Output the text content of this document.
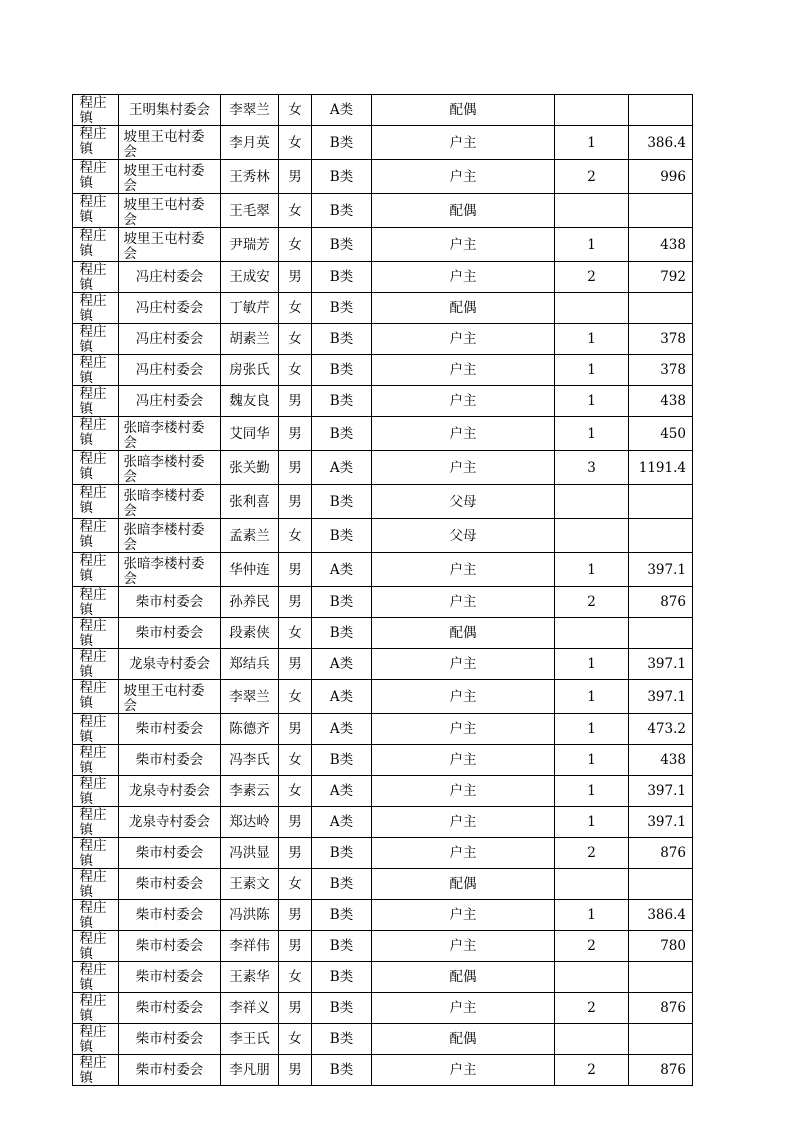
程庄镇	王明集村委会	李翠兰	女	A类	配偶		

程庄镇	坡里王屯村委会	李月英	女	B类	户主	1	386.4

程庄镇	坡里王屯村委会	王秀林	男	B类	户主	2	996

程庄镇	坡里王屯村委会	王毛翠	女	B类	配偶		

程庄镇	坡里王屯村委会	尹瑞芳	女	B类	户主	1	438

程庄镇	冯庄村委会	王成安	男	B类	户主	2	792

程庄镇	冯庄村委会	丁敏芹	女	B类	配偶		

程庄镇	冯庄村委会	胡素兰	女	B类	户主	1	378

程庄镇	冯庄村委会	房张氏	女	B类	户主	1	378

程庄镇	冯庄村委会	魏友良	男	B类	户主	1	438

程庄镇	张暗李楼村委会	艾同华	男	B类	户主	1	450

程庄镇	张暗李楼村委会	张关勤	男	A类	户主	3	1191.4

程庄镇	张暗李楼村委会	张利喜	男	B类	父母		

程庄镇	张暗李楼村委会	孟素兰	女	B类	父母		

程庄镇	张暗李楼村委会	华仲连	男	A类	户主	1	397.1

程庄镇	柴市村委会	孙养民	男	B类	户主	2	876

程庄镇	柴市村委会	段素侠	女	B类	配偶		

程庄镇	龙泉寺村委会	郑结兵	男	A类	户主	1	397.1

程庄镇	坡里王屯村委会	李翠兰	女	A类	户主	1	397.1

程庄镇	柴市村委会	陈德齐	男	A类	户主	1	473.2

程庄镇	柴市村委会	冯李氏	女	B类	户主	1	438

程庄镇	龙泉寺村委会	李素云	女	A类	户主	1	397.1

程庄镇	龙泉寺村委会	郑达岭	男	A类	户主	1	397.1

程庄镇	柴市村委会	冯洪显	男	B类	户主	2	876

程庄镇	柴市村委会	王素文	女	B类	配偶		

程庄镇	柴市村委会	冯洪陈	男	B类	户主	1	386.4

程庄镇	柴市村委会	李祥伟	男	B类	户主	2	780

程庄镇	柴市村委会	王素华	女	B类	配偶		

程庄镇	柴市村委会	李祥义	男	B类	户主	2	876

程庄镇	柴市村委会	李王氏	女	B类	配偶		

程庄镇	柴市村委会	李凡朋	男	B类	户主	2	876
